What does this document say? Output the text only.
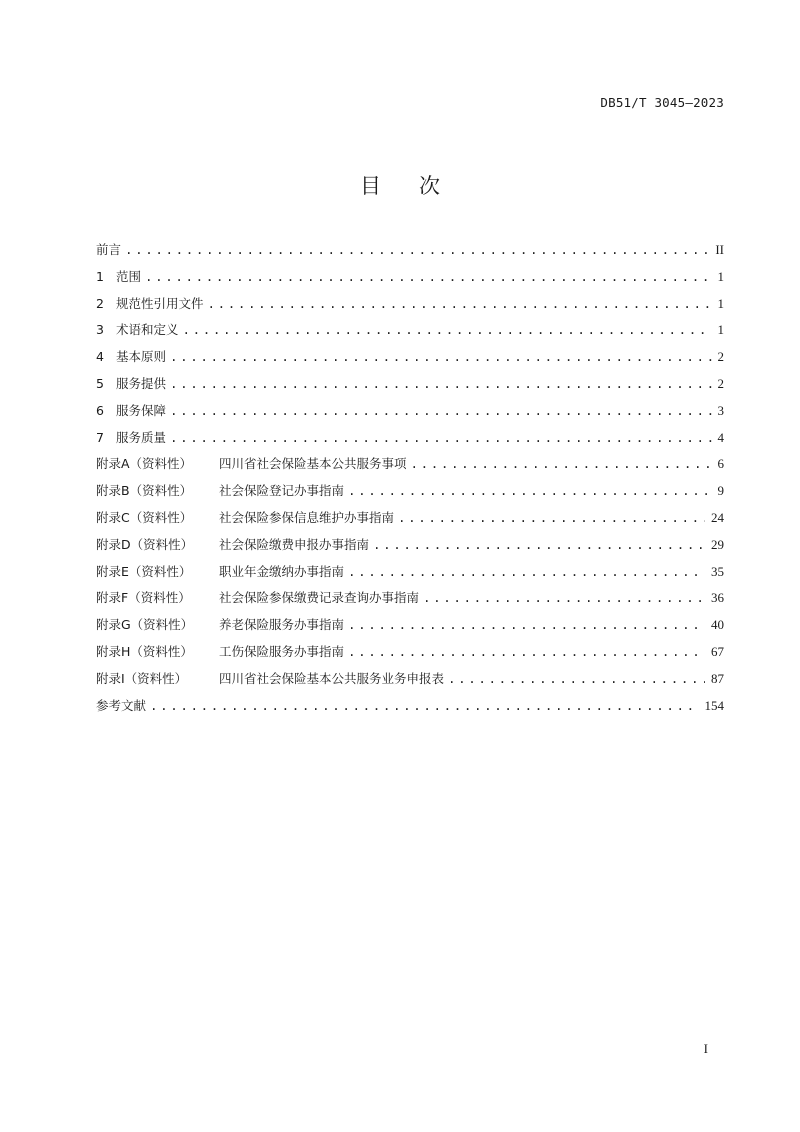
DB51/T 3045—2023
目 次
前言 .....	II
1 范围 .....	1
2 规范性引用文件 .....	1
3 术语和定义 .....	1
4 基本原则 .....	2
5 服务提供 .....	2
6 服务保障 .....	3
7 服务质量 .....	4
附录A（资料性）	四川省社会保险基本公共服务事项 .....	6
附录B（资料性）	社会保险登记办事指南 .....	9
附录C（资料性）	社会保险参保信息维护办事指南 .....	24
附录D（资料性）	社会保险缴费申报办事指南 .....	29
附录E（资料性）	职业年金缴纳办事指南 .....	35
附录F（资料性）	社会保险参保缴费记录查询办事指南 .....	36
附录G（资料性）	养老保险服务办事指南 .....	40
附录H（资料性）	工伤保险服务办事指南 .....	67
附录I（资料性）	四川省社会保险基本公共服务业务申报表 .....	87
参考文献 .....	154
I
